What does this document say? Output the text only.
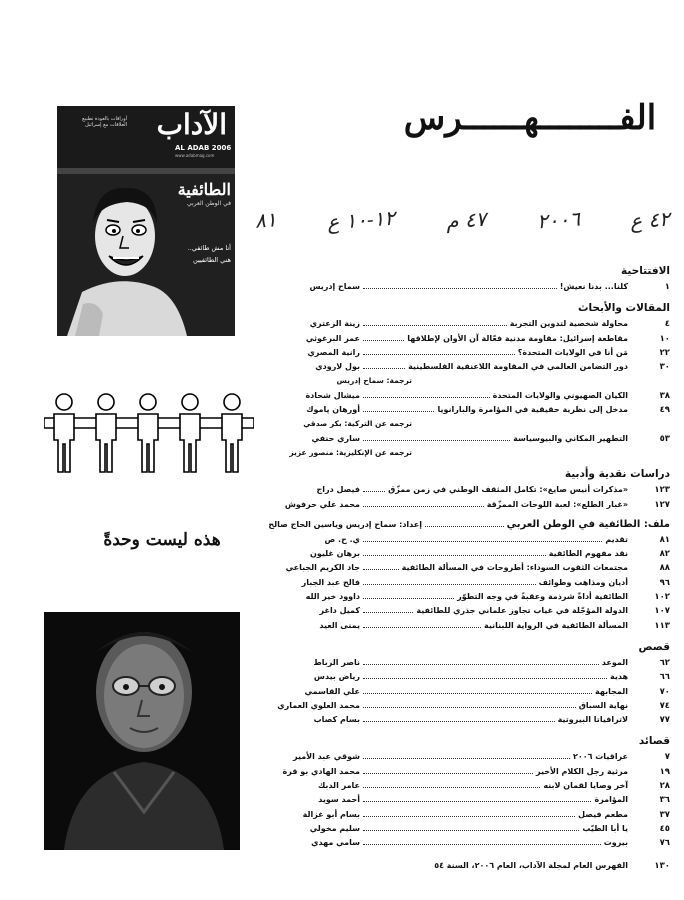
الفــــــــهــــــرس
٨١ ١٢-١٠ ع ٤٧ م ٢٠٠٦ ٤٢ ع
الآداب
أوراقات بالعودة تطبيع العلاقات مع إسرائيل
AL ADAB 2006
www.adabmag.com
الطائفية
في الوطن العربي
أنا مش طائفي..
هني الطائفيين
هذه ليست وحدةً
الافتتاحية
١
كلنا... بدنا نعيش!
سماح إدريس
المقالات والأبحاث
٤
محاولة شخصية لتدوين التجربة
زينة الزعتري
١٠
مقاطعة إسرائيل: مقاومة مدنية فعّالة آن الأوان لإطلاقها
عمر البرغوثي
٢٢
مَن أنا في الولايات المتحدة؟
رانية المصري
٣٠
دور التضامن العالمي في المقاومة اللاعنفية الفلسطينية
بول لارودي
ترجمة: سماح إدريس
٣٨
الكيان الصهيوني والولايات المتحدة
ميشال شحادة
٤٩
مدخل إلى نظرية حقيقية في المؤامرة والبارانويا
أورهان پاموك
ترجمه عن التركية: بكر صدقي
٥٣
التطهير المكاني والبيوسياسة
ساري حنفي
ترجمه عن الإنكليزية: منصور عزيز
دراسات نقدية وأدبية
١٢٣
«مذكرات أنيس صايغ»: تكامل المثقف الوطني في زمن ممزّق
فيصل دراج
١٢٧
«غبار الطلع»: لعبة اللوحات الممزّقة
محمد علي حرفوش
ملف: الطائفية في الوطن العربي
إعداد: سماح إدريس وياسين الحاج صالح
٨١
تقديم
ي. ح. ص
٨٢
نقد مفهوم الطائفية
برهان غليون
٨٨
مجتمعات الثقوب السوداء: أطروحات في المسألة الطائفية
جاد الكريم الجباعي
٩٦
أديان ومذاهب وطوائف
فالح عبد الجبار
١٠٢
الطائفية أداةً شرذمة وعقبةً في وجه التطوّر
داوود خير الله
١٠٧
الدولة المؤجّلة في غياب تجاوز علماني جذري للطائفية
كميل داغر
١١٣
المسألة الطائفية في الرواية اللبنانية
يمنى العيد
قصص
٦٢
الموعد
ناصر الرباط
٦٦
هدية
رياض بيدس
٧٠
المجابهة
علي القاسمي
٧٤
نهاية السباق
محمد العلوي العماري
٧٧
لاترافياتا البيروتية
بسام كصاب
قصائد
٧
عراقيات ٢٠٠٦
شوقي عبد الأمير
١٩
مرثية رجل الكلام الأخير
محمد الهادي بو قرة
٢٨
آخر وصايا لقمان لابنه
عامر الدبك
٣٦
المؤامرة
أحمد سويد
٣٧
مطعم فيصل
بسام أبو غزالة
٤٥
يا أبا الطيّب
سليم مخولي
٧٦
بيروت
سامي مهدي
١٣٠
الفهرس العام لمجلة الآداب، العام ٢٠٠٦، السنة ٥٤
